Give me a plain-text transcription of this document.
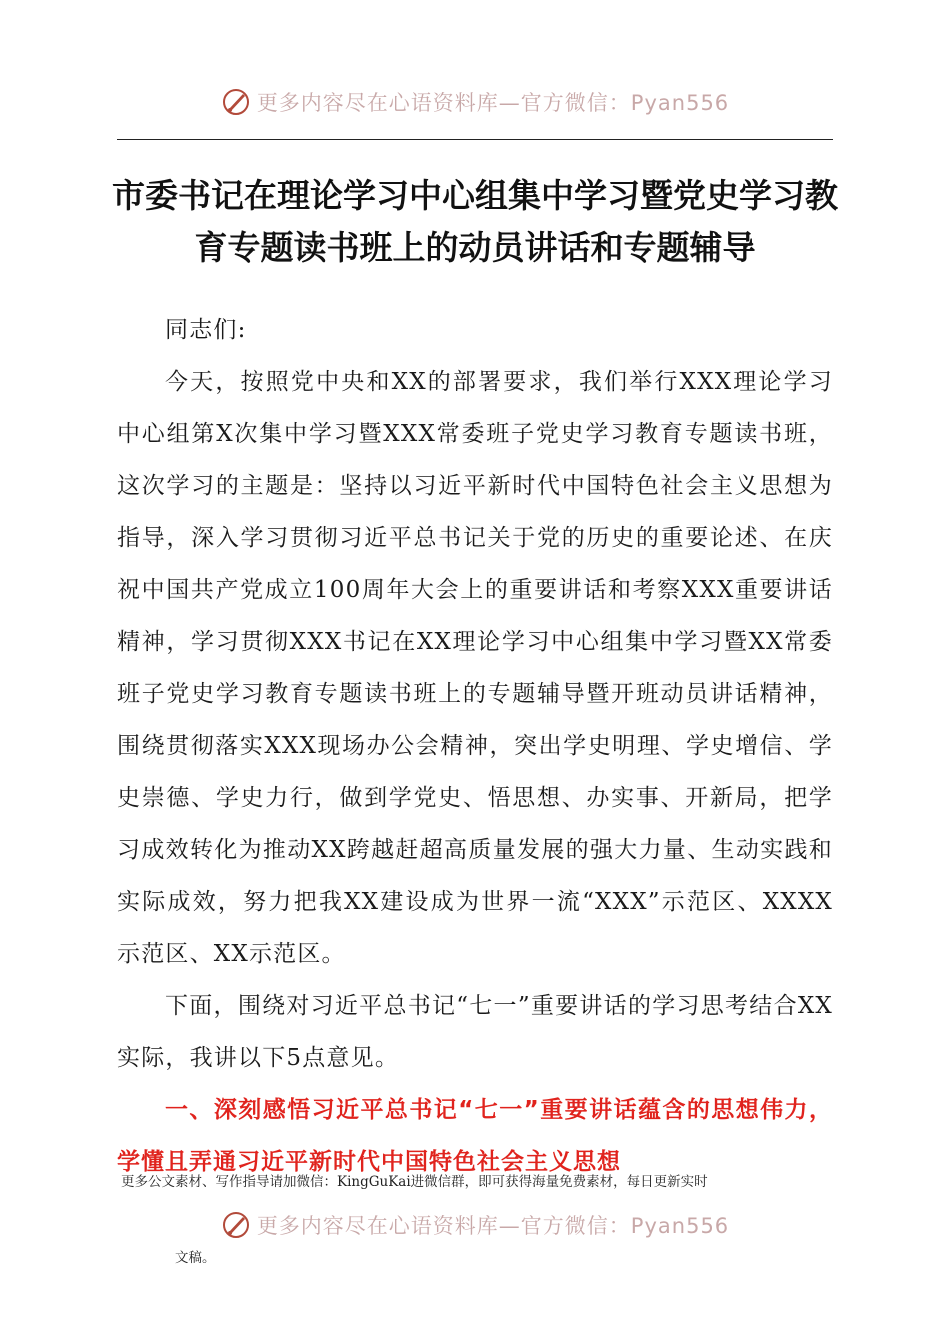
更多内容尽在心语资料库—官方微信：Pyan556
市委书记在理论学习中心组集中学习暨党史学习教育专题读书班上的动员讲话和专题辅导

同志们:

今天，按照党中央和XX的部署要求，我们举行XXX理论学习中心组第X次集中学习暨XXX常委班子党史学习教育专题读书班，这次学习的主题是：坚持以习近平新时代中国特色社会主义思想为指导，深入学习贯彻习近平总书记关于党的历史的重要论述、在庆祝中国共产党成立100周年大会上的重要讲话和考察XXX重要讲话精神，学习贯彻XXX书记在XX理论学习中心组集中学习暨XX常委班子党史学习教育专题读书班上的专题辅导暨开班动员讲话精神，围绕贯彻落实XXX现场办公会精神，突出学史明理、学史增信、学史崇德、学史力行，做到学党史、悟思想、办实事、开新局，把学习成效转化为推动XX跨越赶超高质量发展的强大力量、生动实践和实际成效，努力把我XX建设成为世界一流“XXX”示范区、XXXX示范区、XX示范区。

下面，围绕对习近平总书记“七一”重要讲话的学习思考结合XX实际，我讲以下5点意见。

一、深刻感悟习近平总书记“七一”重要讲话蕴含的思想伟力，学懂且弄通习近平新时代中国特色社会主义思想

更多公文素材、写作指导请加微信：KingGuKai进微信群，即可获得海量免费素材，每日更新实时
更多内容尽在心语资料库—官方微信：Pyan556
文稿。
